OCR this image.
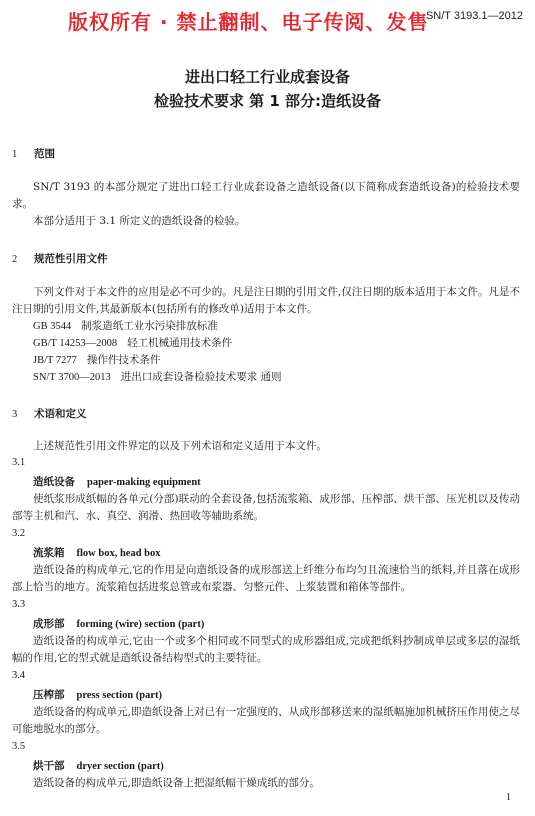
版权所有 · 禁止翻制、电子传阅、发售
SN/T 3193.1—2012
进出口轻工行业成套设备
检验技术要求 第 1 部分:造纸设备
1 范围
SN/T 3193 的本部分规定了进出口轻工行业成套设备之造纸设备(以下简称成套造纸设备)的检验技术要求。
本部分适用于 3.1 所定义的造纸设备的检验。
2 规范性引用文件
下列文件对于本文件的应用是必不可少的。凡是注日期的引用文件,仅注日期的版本适用于本文件。凡是不注日期的引用文件,其最新版本(包括所有的修改单)适用于本文件。
GB 3544 制浆造纸工业水污染排放标准
GB/T 14253—2008 轻工机械通用技术条件
JB/T 7277 操作件技术条件
SN/T 3700—2013 进出口成套设备检验技术要求 通则
3 术语和定义
上述规范性引用文件界定的以及下列术语和定义适用于本文件。
3.1
造纸设备 paper-making equipment
使纸浆形成纸幅的各单元(分部)联动的全套设备,包括流浆箱、成形部、压榨部、烘干部、压光机以及传动部等主机和汽、水、真空、润滑、热回收等辅助系统。
3.2
流浆箱 flow box, head box
造纸设备的构成单元,它的作用是向造纸设备的成形部送上纤维分布均匀且流速恰当的纸料,并且落在成形部上恰当的地方。流浆箱包括进浆总管或布浆器、匀整元件、上浆装置和箱体等部件。
3.3
成形部 forming (wire) section (part)
造纸设备的构成单元,它由一个或多个相同或不同型式的成形器组成,完成把纸料抄制成单层或多层的湿纸幅的作用,它的型式就是造纸设备结构型式的主要特征。
3.4
压榨部 press section (part)
造纸设备的构成单元,即造纸设备上对已有一定强度的、从成形部移送来的湿纸幅施加机械挤压作用使之尽可能地脱水的部分。
3.5
烘干部 dryer section (part)
造纸设备的构成单元,即造纸设备上把湿纸幅干燥成纸的部分。
1
